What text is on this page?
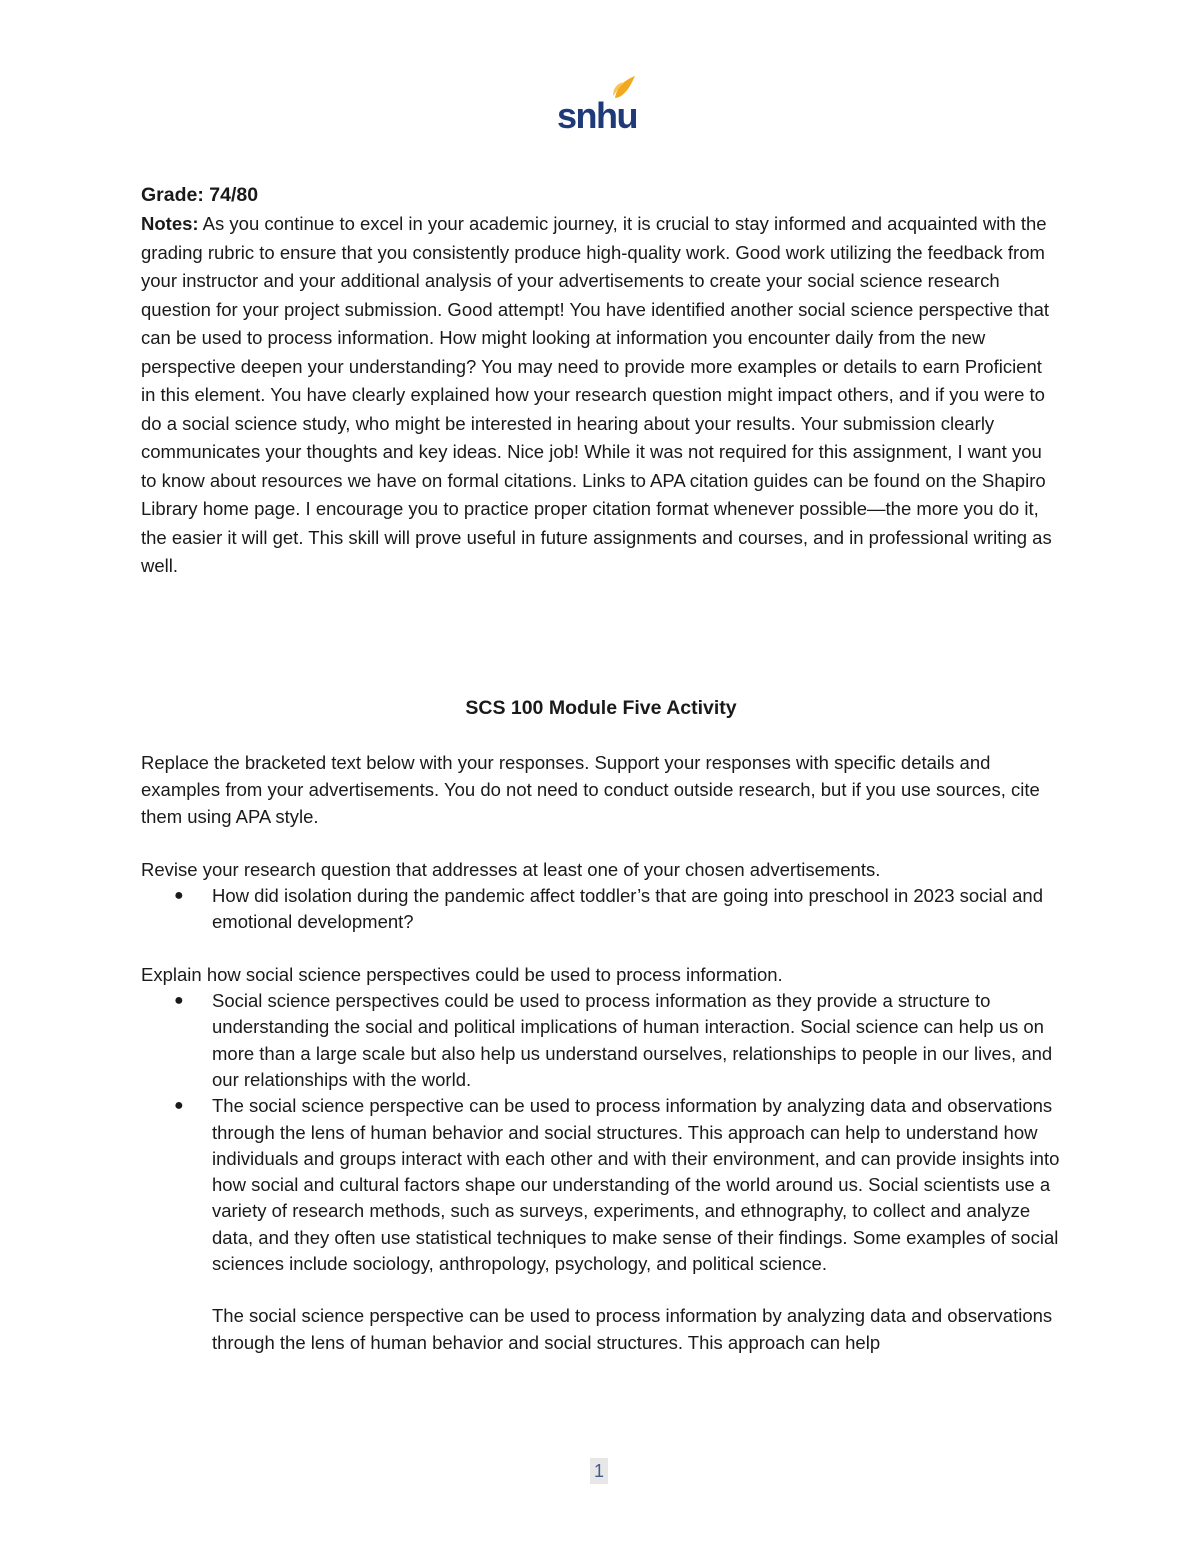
snhu

Grade: 74/80

Notes: As you continue to excel in your academic journey, it is crucial to stay informed and acquainted with the grading rubric to ensure that you consistently produce high-quality work. Good work utilizing the feedback from your instructor and your additional analysis of your advertisements to create your social science research question for your project submission. Good attempt! You have identified another social science perspective that can be used to process information. How might looking at information you encounter daily from the new perspective deepen your understanding? You may need to provide more examples or details to earn Proficient in this element. You have clearly explained how your research question might impact others, and if you were to do a social science study, who might be interested in hearing about your results. Your submission clearly communicates your thoughts and key ideas. Nice job! While it was not required for this assignment, I want you to know about resources we have on formal citations. Links to APA citation guides can be found on the Shapiro Library home page. I encourage you to practice proper citation format whenever possible—the more you do it, the easier it will get. This skill will prove useful in future assignments and courses, and in professional writing as well.

SCS 100 Module Five Activity

Replace the bracketed text below with your responses. Support your responses with specific details and examples from your advertisements. You do not need to conduct outside research, but if you use sources, cite them using APA style.

Revise your research question that addresses at least one of your chosen advertisements.

● How did isolation during the pandemic affect toddler’s that are going into preschool in 2023 social and emotional development?

Explain how social science perspectives could be used to process information.

● Social science perspectives could be used to process information as they provide a structure to understanding the social and political implications of human interaction. Social science can help us on more than a large scale but also help us understand ourselves, relationships to people in our lives, and our relationships with the world.
● The social science perspective can be used to process information by analyzing data and observations through the lens of human behavior and social structures. This approach can help to understand how individuals and groups interact with each other and with their environment, and can provide insights into how social and cultural factors shape our understanding of the world around us. Social scientists use a variety of research methods, such as surveys, experiments, and ethnography, to collect and analyze data, and they often use statistical techniques to make sense of their findings. Some examples of social sciences include sociology, anthropology, psychology, and political science.

The social science perspective can be used to process information by analyzing data and observations through the lens of human behavior and social structures. This approach can help

1
